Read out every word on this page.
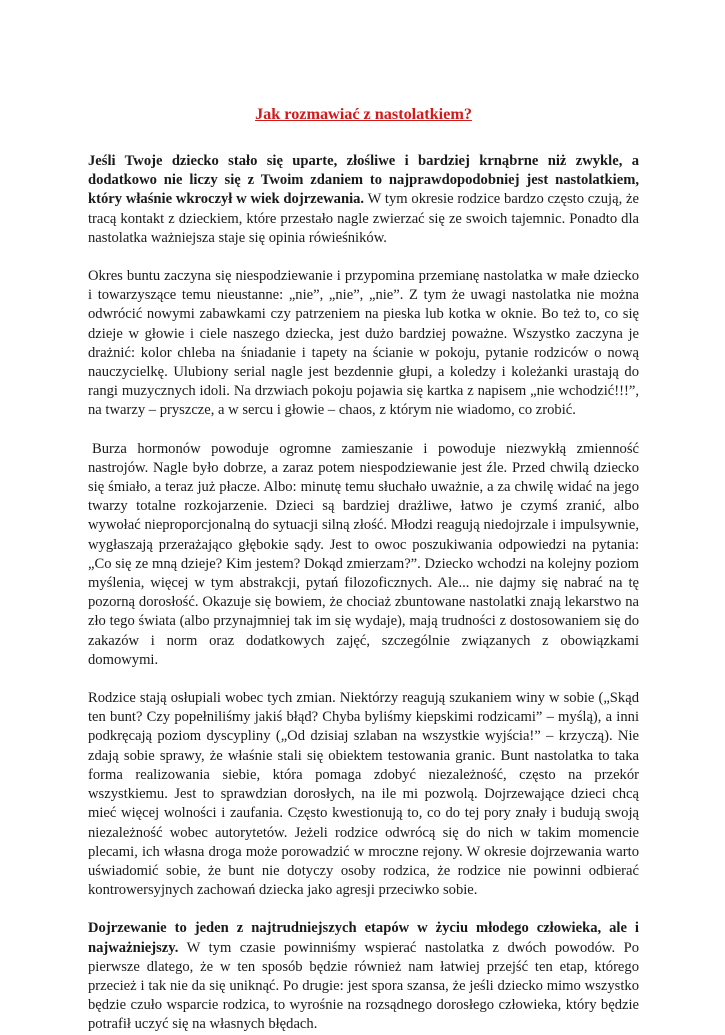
Jak rozmawiać z nastolatkiem?

Jeśli Twoje dziecko stało się uparte, złośliwe i bardziej krnąbrne niż zwykle, a dodatkowo nie liczy się z Twoim zdaniem to najprawdopodobniej jest nastolatkiem, który właśnie wkroczył w wiek dojrzewania. W tym okresie rodzice bardzo często czują, że tracą kontakt z dzieckiem, które przestało nagle zwierzać się ze swoich tajemnic. Ponadto dla nastolatka ważniejsza staje się opinia rówieśników.

Okres buntu zaczyna się niespodziewanie i przypomina przemianę nastolatka w małe dziecko i towarzyszące temu nieustanne: „nie”, „nie”, „nie”. Z tym że uwagi nastolatka nie można odwrócić nowymi zabawkami czy patrzeniem na pieska lub kotka w oknie. Bo też to, co się dzieje w głowie i ciele naszego dziecka, jest dużo bardziej poważne. Wszystko zaczyna je drażnić: kolor chleba na śniadanie i tapety na ścianie w pokoju, pytanie rodziców o nową nauczycielkę. Ulubiony serial nagle jest bezdennie głupi, a koledzy i koleżanki urastają do rangi muzycznych idoli. Na drzwiach pokoju pojawia się kartka z napisem „nie wchodzić!!!”, na twarzy – pryszcze, a w sercu i głowie – chaos, z którym nie wiadomo, co zrobić.

Burza hormonów powoduje ogromne zamieszanie i powoduje niezwykłą zmienność nastrojów. Nagle było dobrze, a zaraz potem niespodziewanie jest źle. Przed chwilą dziecko się śmiało, a teraz już płacze. Albo: minutę temu słuchało uważnie, a za chwilę widać na jego twarzy totalne rozkojarzenie. Dzieci są bardziej drażliwe, łatwo je czymś zranić, albo wywołać nieproporcjonalną do sytuacji silną złość. Młodzi reagują niedojrzale i impulsywnie, wygłaszają przerażająco głębokie sądy. Jest to owoc poszukiwania odpowiedzi na pytania: „Co się ze mną dzieje? Kim jestem? Dokąd zmierzam?”. Dziecko wchodzi na kolejny poziom myślenia, więcej w tym abstrakcji, pytań filozoficznych. Ale... nie dajmy się nabrać na tę pozorną dorosłość. Okazuje się bowiem, że chociaż zbuntowane nastolatki znają lekarstwo na zło tego świata (albo przynajmniej tak im się wydaje), mają trudności z dostosowaniem się do zakazów i norm oraz dodatkowych zajęć, szczególnie związanych z obowiązkami domowymi.

Rodzice stają osłupiali wobec tych zmian. Niektórzy reagują szukaniem winy w sobie („Skąd ten bunt? Czy popełniliśmy jakiś błąd? Chyba byliśmy kiepskimi rodzicami” – myślą), a inni podkręcają poziom dyscypliny („Od dzisiaj szlaban na wszystkie wyjścia!” – krzyczą). Nie zdają sobie sprawy, że właśnie stali się obiektem testowania granic. Bunt nastolatka to taka forma realizowania siebie, która pomaga zdobyć niezależność, często na przekór wszystkiemu. Jest to sprawdzian dorosłych, na ile mi pozwolą. Dojrzewające dzieci chcą mieć więcej wolności i zaufania. Często kwestionują to, co do tej pory znały i budują swoją niezależność wobec autorytetów. Jeżeli rodzice odwrócą się do nich w takim momencie plecami, ich własna droga może porowadzić w mroczne rejony. W okresie dojrzewania warto uświadomić sobie, że bunt nie dotyczy osoby rodzica, że rodzice nie powinni odbierać kontrowersyjnych zachowań dziecka jako agresji przeciwko sobie.

Dojrzewanie to jeden z najtrudniejszych etapów w życiu młodego człowieka, ale i najważniejszy. W tym czasie powinniśmy wspierać nastolatka z dwóch powodów. Po pierwsze dlatego, że w ten sposób będzie również nam łatwiej przejść ten etap, którego przecież i tak nie da się uniknąć. Po drugie: jest spora szansa, że jeśli dziecko mimo wszystko będzie czuło wsparcie rodzica, to wyrośnie na rozsądnego dorosłego człowieka, który będzie potrafił uczyć się na własnych błędach.
